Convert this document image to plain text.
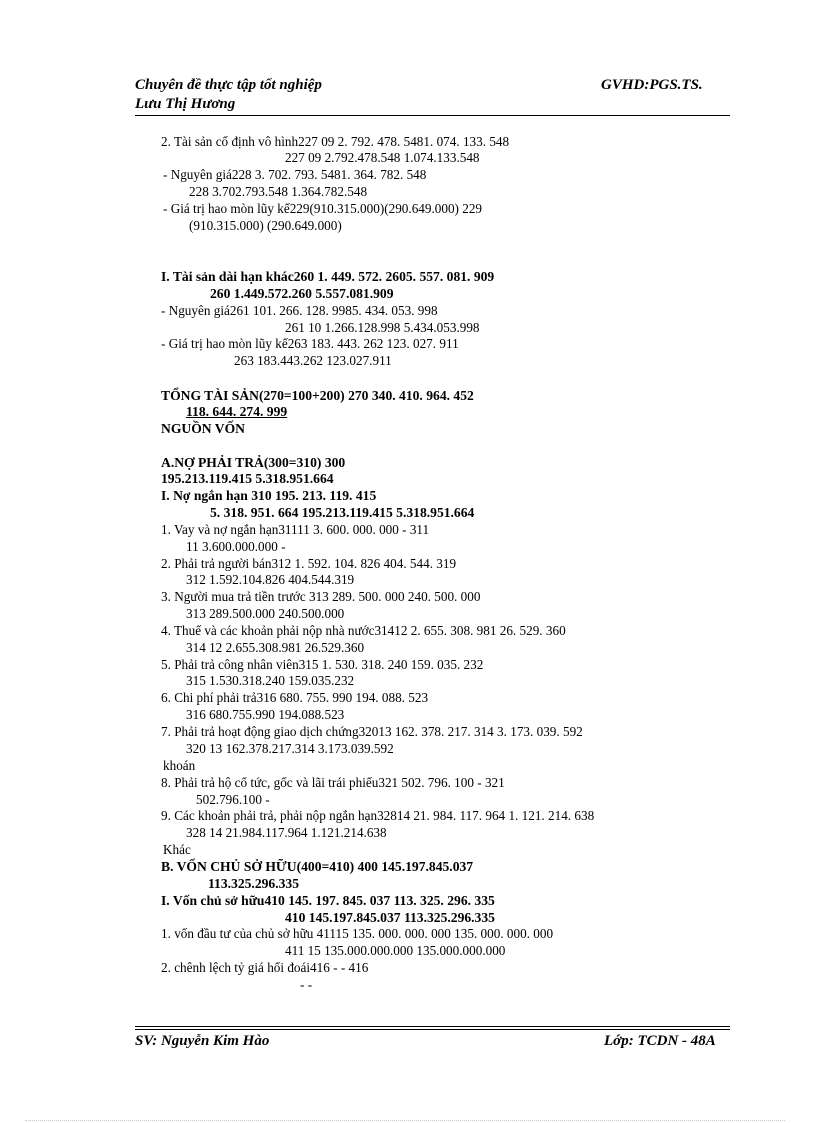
Chuyên đề thực tập tốt nghiệp	GVHD:PGS.TS.
Lưu Thị Hương
2. Tài sản cố định vô hình227 09 2. 792. 478. 5481. 074. 133. 548
227 09 2.792.478.548 1.074.133.548
- Nguyên giá228 3. 702. 793. 5481. 364. 782. 548
228 3.702.793.548 1.364.782.548
- Giá trị hao mòn lũy kế229(910.315.000)(290.649.000) 229
(910.315.000) (290.649.000)
I. Tài sản dài hạn khác260 1. 449. 572. 2605. 557. 081. 909
260 1.449.572.260 5.557.081.909
- Nguyên giá261 101. 266. 128. 9985. 434. 053. 998
261 10 1.266.128.998 5.434.053.998
- Giá trị hao mòn lũy kế263 183. 443. 262 123. 027. 911
263 183.443.262 123.027.911
TỔNG TÀI SẢN(270=100+200) 270 340. 410. 964. 452
118. 644. 274. 999
NGUỒN VỐN
A.NỢ PHẢI TRẢ(300=310) 300
195.213.119.415 5.318.951.664
I. Nợ ngắn hạn 310 195. 213. 119. 415
5. 318. 951. 664 195.213.119.415 5.318.951.664
1. Vay và nợ ngắn hạn31111 3. 600. 000. 000 - 311
11 3.600.000.000 -
2. Phải trả người bán312 1. 592. 104. 826 404. 544. 319
312 1.592.104.826 404.544.319
3. Người mua trả tiền trước 313 289. 500. 000 240. 500. 000
313 289.500.000 240.500.000
4. Thuế và các khoản phải nộp nhà nước31412 2. 655. 308. 981 26. 529. 360
314 12 2.655.308.981 26.529.360
5. Phải trả công nhân viên315 1. 530. 318. 240 159. 035. 232
315 1.530.318.240 159.035.232
6. Chi phí phải trả316 680. 755. 990 194. 088. 523
316 680.755.990 194.088.523
7. Phải trả hoạt động giao dịch chứng32013 162. 378. 217. 314 3. 173. 039. 592
320 13 162.378.217.314 3.173.039.592
khoán
8. Phải trả hộ cổ tức, gốc và lãi trái phiếu321 502. 796. 100 - 321
502.796.100 -
9. Các khoản phải trả, phải nộp ngắn hạn32814 21. 984. 117. 964 1. 121. 214. 638
328 14 21.984.117.964 1.121.214.638
Khác
B. VỐN CHỦ SỞ HỮU(400=410) 400 145.197.845.037
113.325.296.335
I. Vốn chủ sở hữu410 145. 197. 845. 037 113. 325. 296. 335
410 145.197.845.037 113.325.296.335
1. vốn đầu tư của chủ sở hữu 41115 135. 000. 000. 000 135. 000. 000. 000
411 15 135.000.000.000 135.000.000.000
2. chênh lệch tỷ giá hối đoái416 - - 416
- -
SV: Nguyễn Kim Hào	Lớp: TCDN - 48A
